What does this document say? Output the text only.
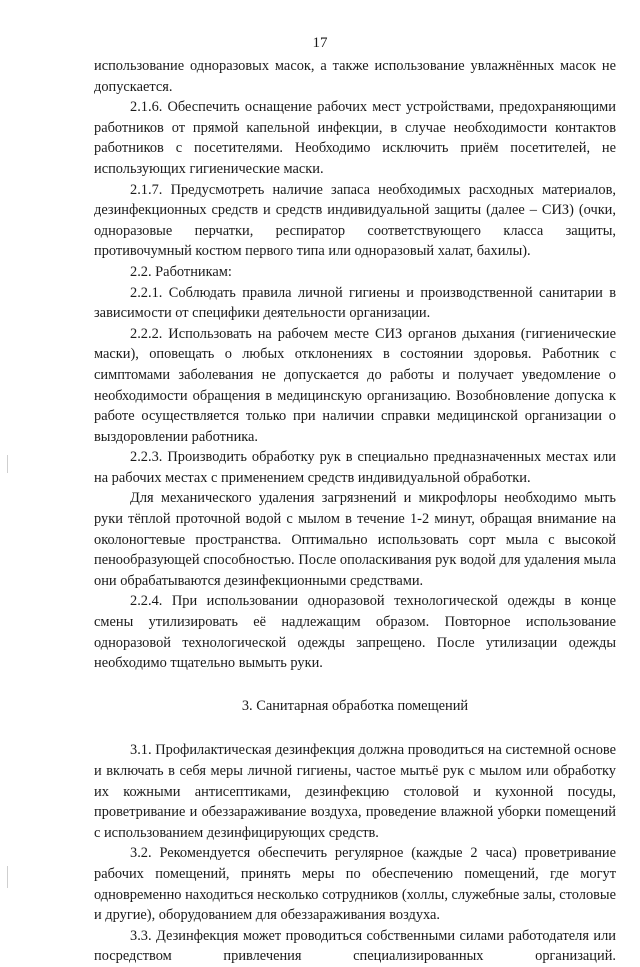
17

использование одноразовых масок, а также использование увлажнённых масок не допускается.

2.1.6. Обеспечить оснащение рабочих мест устройствами, предохраняющими работников от прямой капельной инфекции, в случае необходимости контактов работников с посетителями. Необходимо исключить приём посетителей, не использующих гигиенические маски.

2.1.7. Предусмотреть наличие запаса необходимых расходных материалов, дезинфекционных средств и средств индивидуальной защиты (далее – СИЗ) (очки, одноразовые перчатки, респиратор соответствующего класса защиты, противочумный костюм первого типа или одноразовый халат, бахилы).

2.2. Работникам:

2.2.1. Соблюдать правила личной гигиены и производственной санитарии в зависимости от специфики деятельности организации.

2.2.2. Использовать на рабочем месте СИЗ органов дыхания (гигиенические маски), оповещать о любых отклонениях в состоянии здоровья. Работник с симптомами заболевания не допускается до работы и получает уведомление о необходимости обращения в медицинскую организацию. Возобновление допуска к работе осуществляется только при наличии справки медицинской организации о выздоровлении работника.

2.2.3. Производить обработку рук в специально предназначенных местах или на рабочих местах с применением средств индивидуальной обработки.

Для механического удаления загрязнений и микрофлоры необходимо мыть руки тёплой проточной водой с мылом в течение 1-2 минут, обращая внимание на околоногтевые пространства. Оптимально использовать сорт мыла с высокой пенообразующей способностью. После ополаскивания рук водой для удаления мыла они обрабатываются дезинфекционными средствами.

2.2.4. При использовании одноразовой технологической одежды в конце смены утилизировать её надлежащим образом. Повторное использование одноразовой технологической одежды запрещено. После утилизации одежды необходимо тщательно вымыть руки.

3. Санитарная обработка помещений

3.1. Профилактическая дезинфекция должна проводиться на системной основе и включать в себя меры личной гигиены, частое мытьё рук с мылом или обработку их кожными антисептиками, дезинфекцию столовой и кухонной посуды, проветривание и обеззараживание воздуха, проведение влажной уборки помещений с использованием дезинфицирующих средств.

3.2. Рекомендуется обеспечить регулярное (каждые 2 часа) проветривание рабочих помещений, принять меры по обеспечению помещений, где могут одновременно находиться несколько сотрудников (холлы, служебные залы, столовые и другие), оборудованием для обеззараживания воздуха.

3.3. Дезинфекция может проводиться собственными силами работодателя или посредством привлечения специализированных организаций.
